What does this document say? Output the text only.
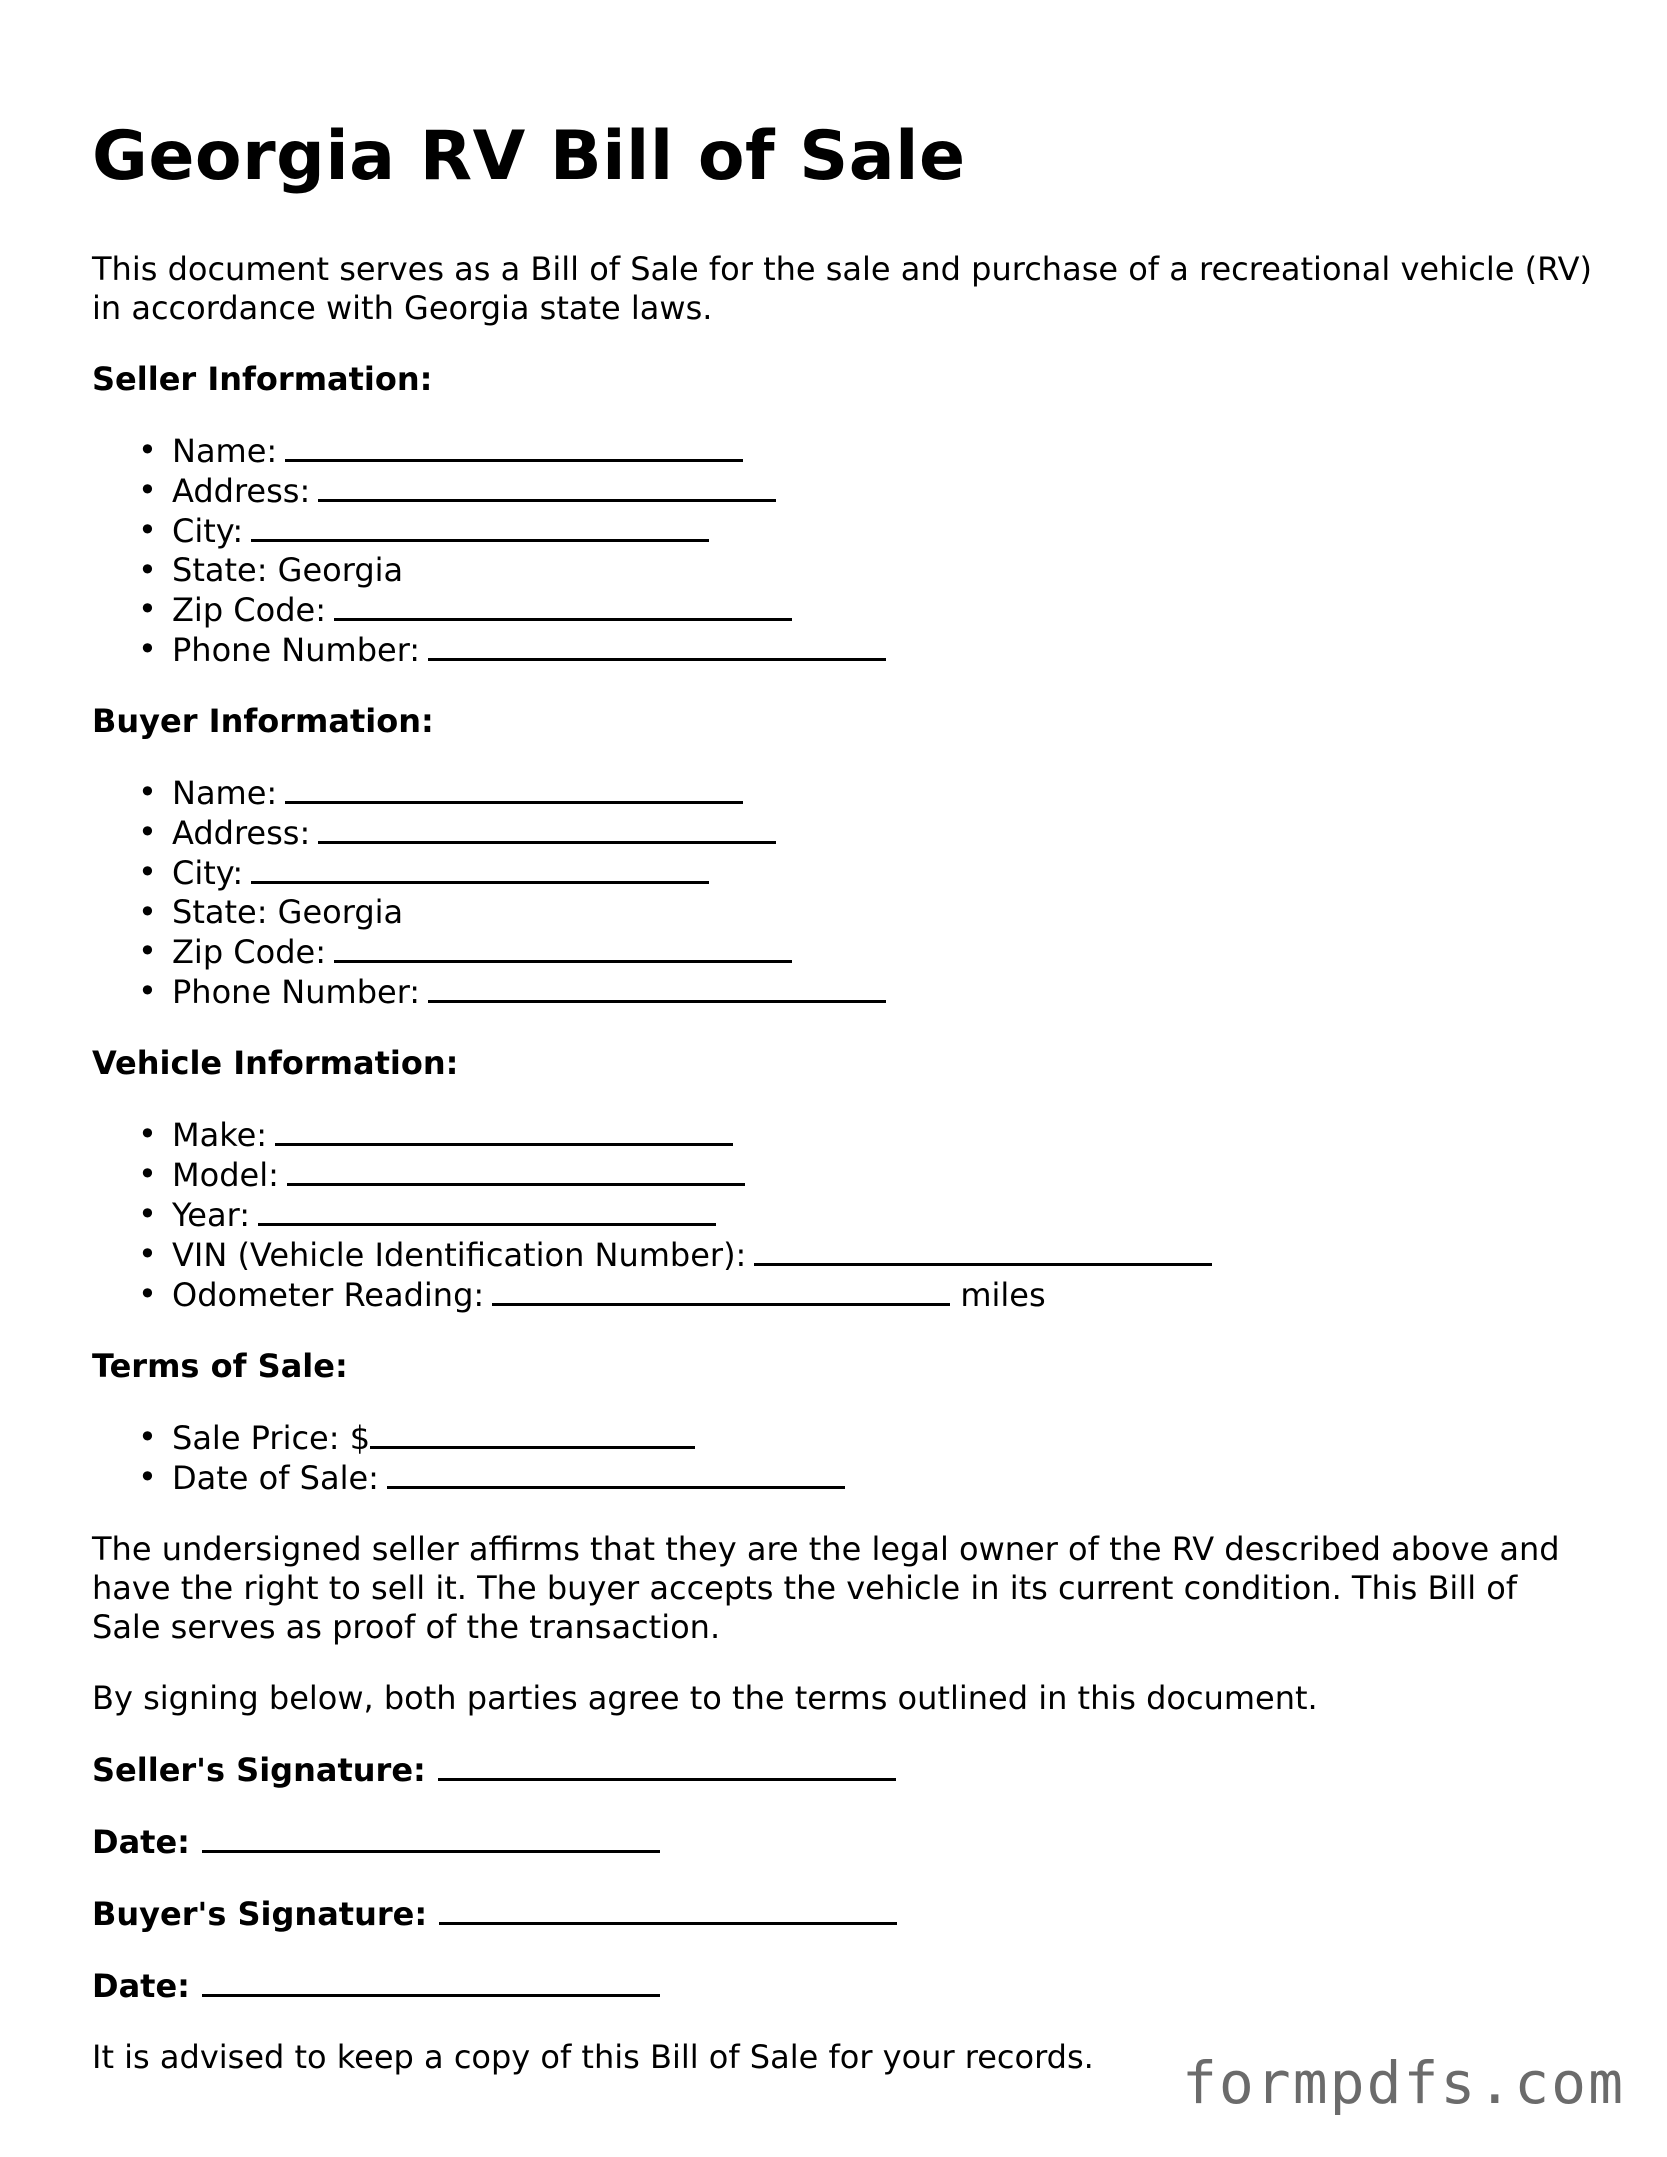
Georgia RV Bill of Sale

This document serves as a Bill of Sale for the sale and purchase of a recreational vehicle (RV) in accordance with Georgia state laws.

Seller Information:
• Name:
• Address:
• City:
• State: Georgia
• Zip Code:
• Phone Number:
Buyer Information:
• Name:
• Address:
• City:
• State: Georgia
• Zip Code:
• Phone Number:
Vehicle Information:
• Make:
• Model:
• Year:
• VIN (Vehicle Identification Number):
• Odometer Reading:	miles
Terms of Sale:
• Sale Price: $
• Date of Sale:

The undersigned seller affirms that they are the legal owner of the RV described above and have the right to sell it. The buyer accepts the vehicle in its current condition. This Bill of Sale serves as proof of the transaction.

By signing below, both parties agree to the terms outlined in this document.

Seller's Signature:
Date:
Buyer's Signature:
Date:

It is advised to keep a copy of this Bill of Sale for your records.	formpdfs.com
